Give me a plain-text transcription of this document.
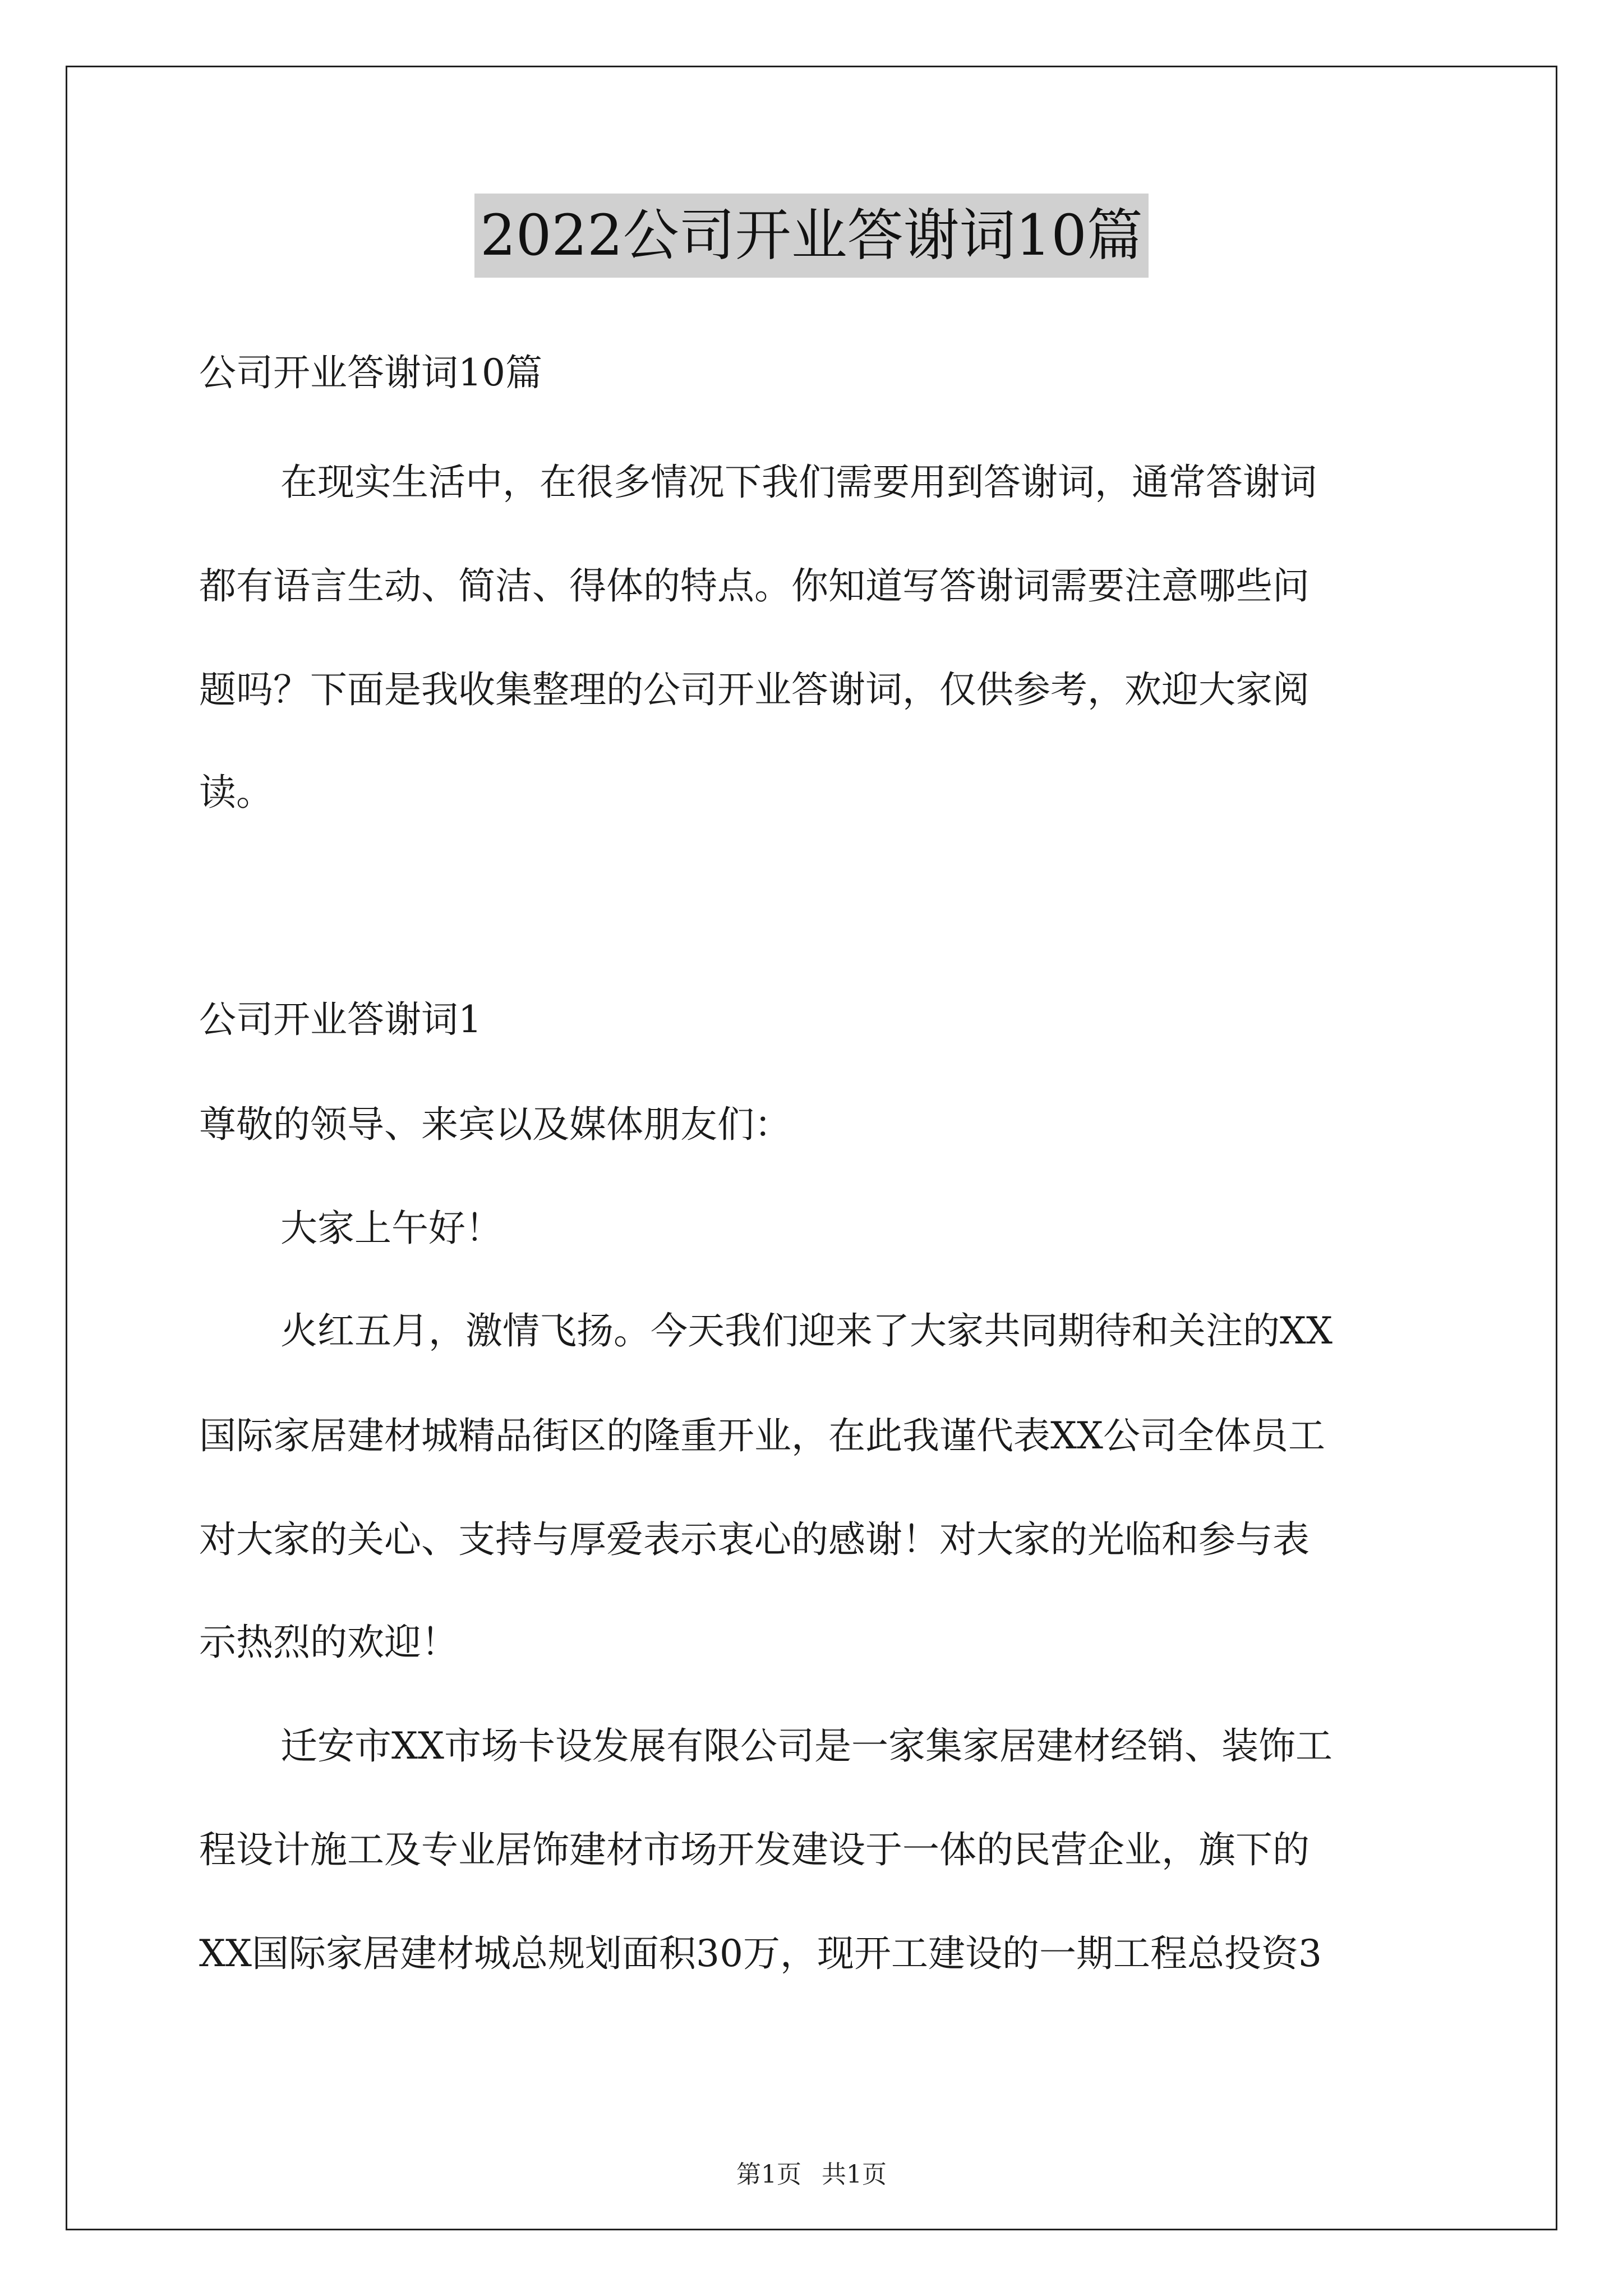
2022公司开业答谢词10篇
公司开业答谢词10篇
在现实生活中，在很多情况下我们需要用到答谢词，通常答谢词
都有语言生动、简洁、得体的特点。你知道写答谢词需要注意哪些问
题吗？下面是我收集整理的公司开业答谢词，仅供参考，欢迎大家阅
读。
公司开业答谢词1
尊敬的领导、来宾以及媒体朋友们：
大家上午好！
火红五月，激情飞扬。今天我们迎来了大家共同期待和关注的XX
国际家居建材城精品街区的隆重开业，在此我谨代表XX公司全体员工
对大家的关心、支持与厚爱表示衷心的感谢！对大家的光临和参与表
示热烈的欢迎！
迁安市XX市场卡设发展有限公司是一家集家居建材经销、装饰工
程设计施工及专业居饰建材市场开发建设于一体的民营企业，旗下的
XX国际家居建材城总规划面积30万，现开工建设的一期工程总投资3
第1页 共1页
